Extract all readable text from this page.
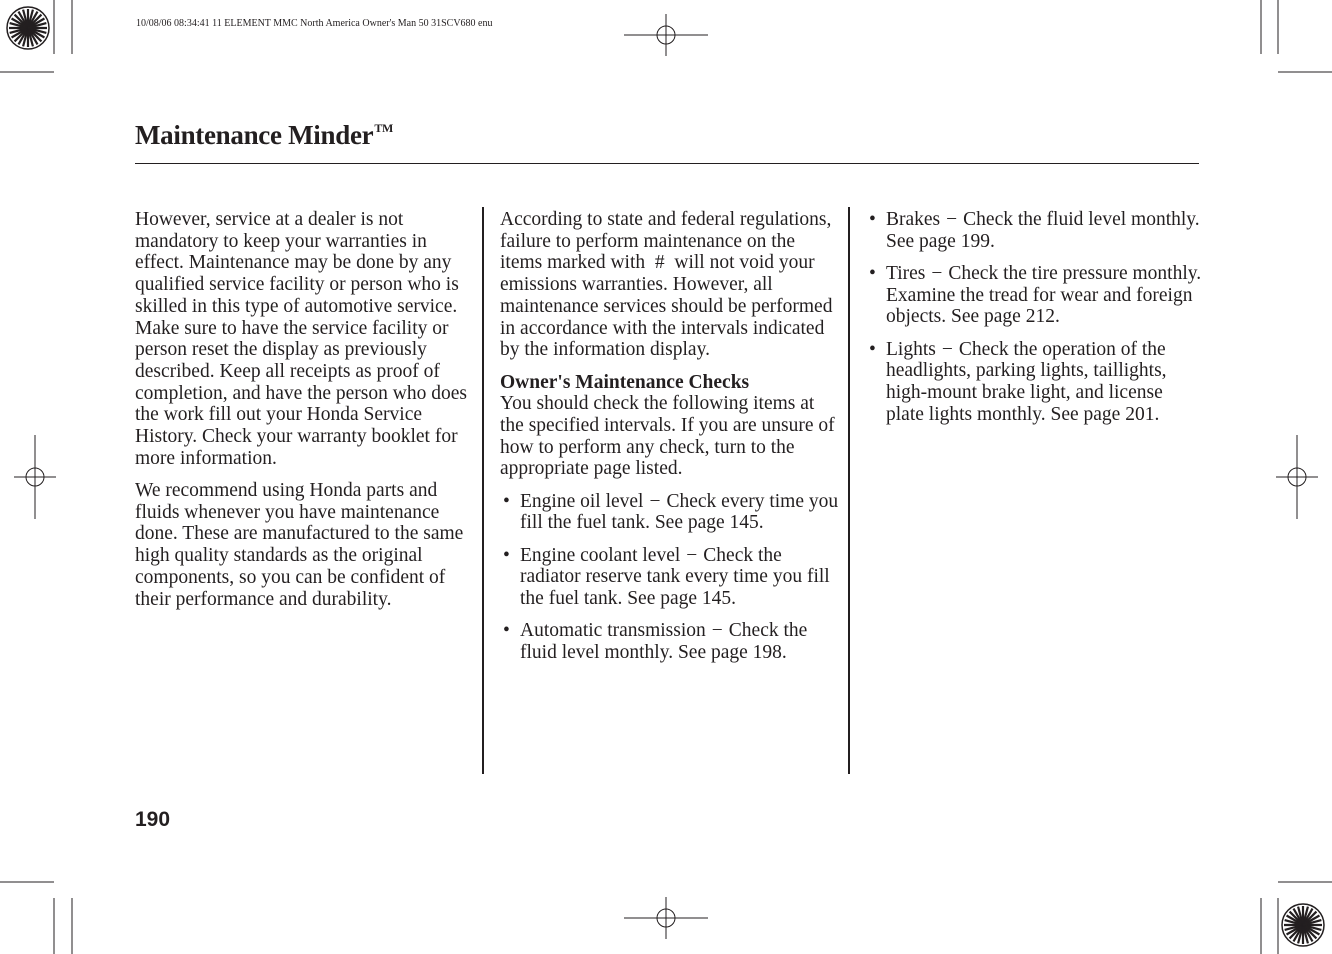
10/08/06 08:34:41 11 ELEMENT MMC North America Owner's Man 50 31SCV680 enu
Maintenance Minder™

However, service at a dealer is not mandatory to keep your warranties in effect. Maintenance may be done by any qualified service facility or person who is skilled in this type of automotive service. Make sure to have the service facility or person reset the display as previously described. Keep all receipts as proof of completion, and have the person who does the work fill out your Honda Service History. Check your warranty booklet for more information.

We recommend using Honda parts and fluids whenever you have maintenance done. These are manufactured to the same high quality standards as the original components, so you can be confident of their performance and durability.

According to state and federal regulations, failure to perform maintenance on the items marked with  #  will not void your emissions warranties. However, all maintenance services should be performed in accordance with the intervals indicated by the information display.

Owner's Maintenance Checks
You should check the following items at the specified intervals. If you are unsure of how to perform any check, turn to the appropriate page listed.

• Engine oil level − Check every time you fill the fuel tank. See page 145.
• Engine coolant level − Check the radiator reserve tank every time you fill the fuel tank. See page 145.
• Automatic transmission − Check the fluid level monthly. See page 198.
• Brakes − Check the fluid level monthly. See page 199.
• Tires − Check the tire pressure monthly. Examine the tread for wear and foreign objects. See page 212.
• Lights − Check the operation of the headlights, parking lights, taillights, high-mount brake light, and license plate lights monthly. See page 201.
190
